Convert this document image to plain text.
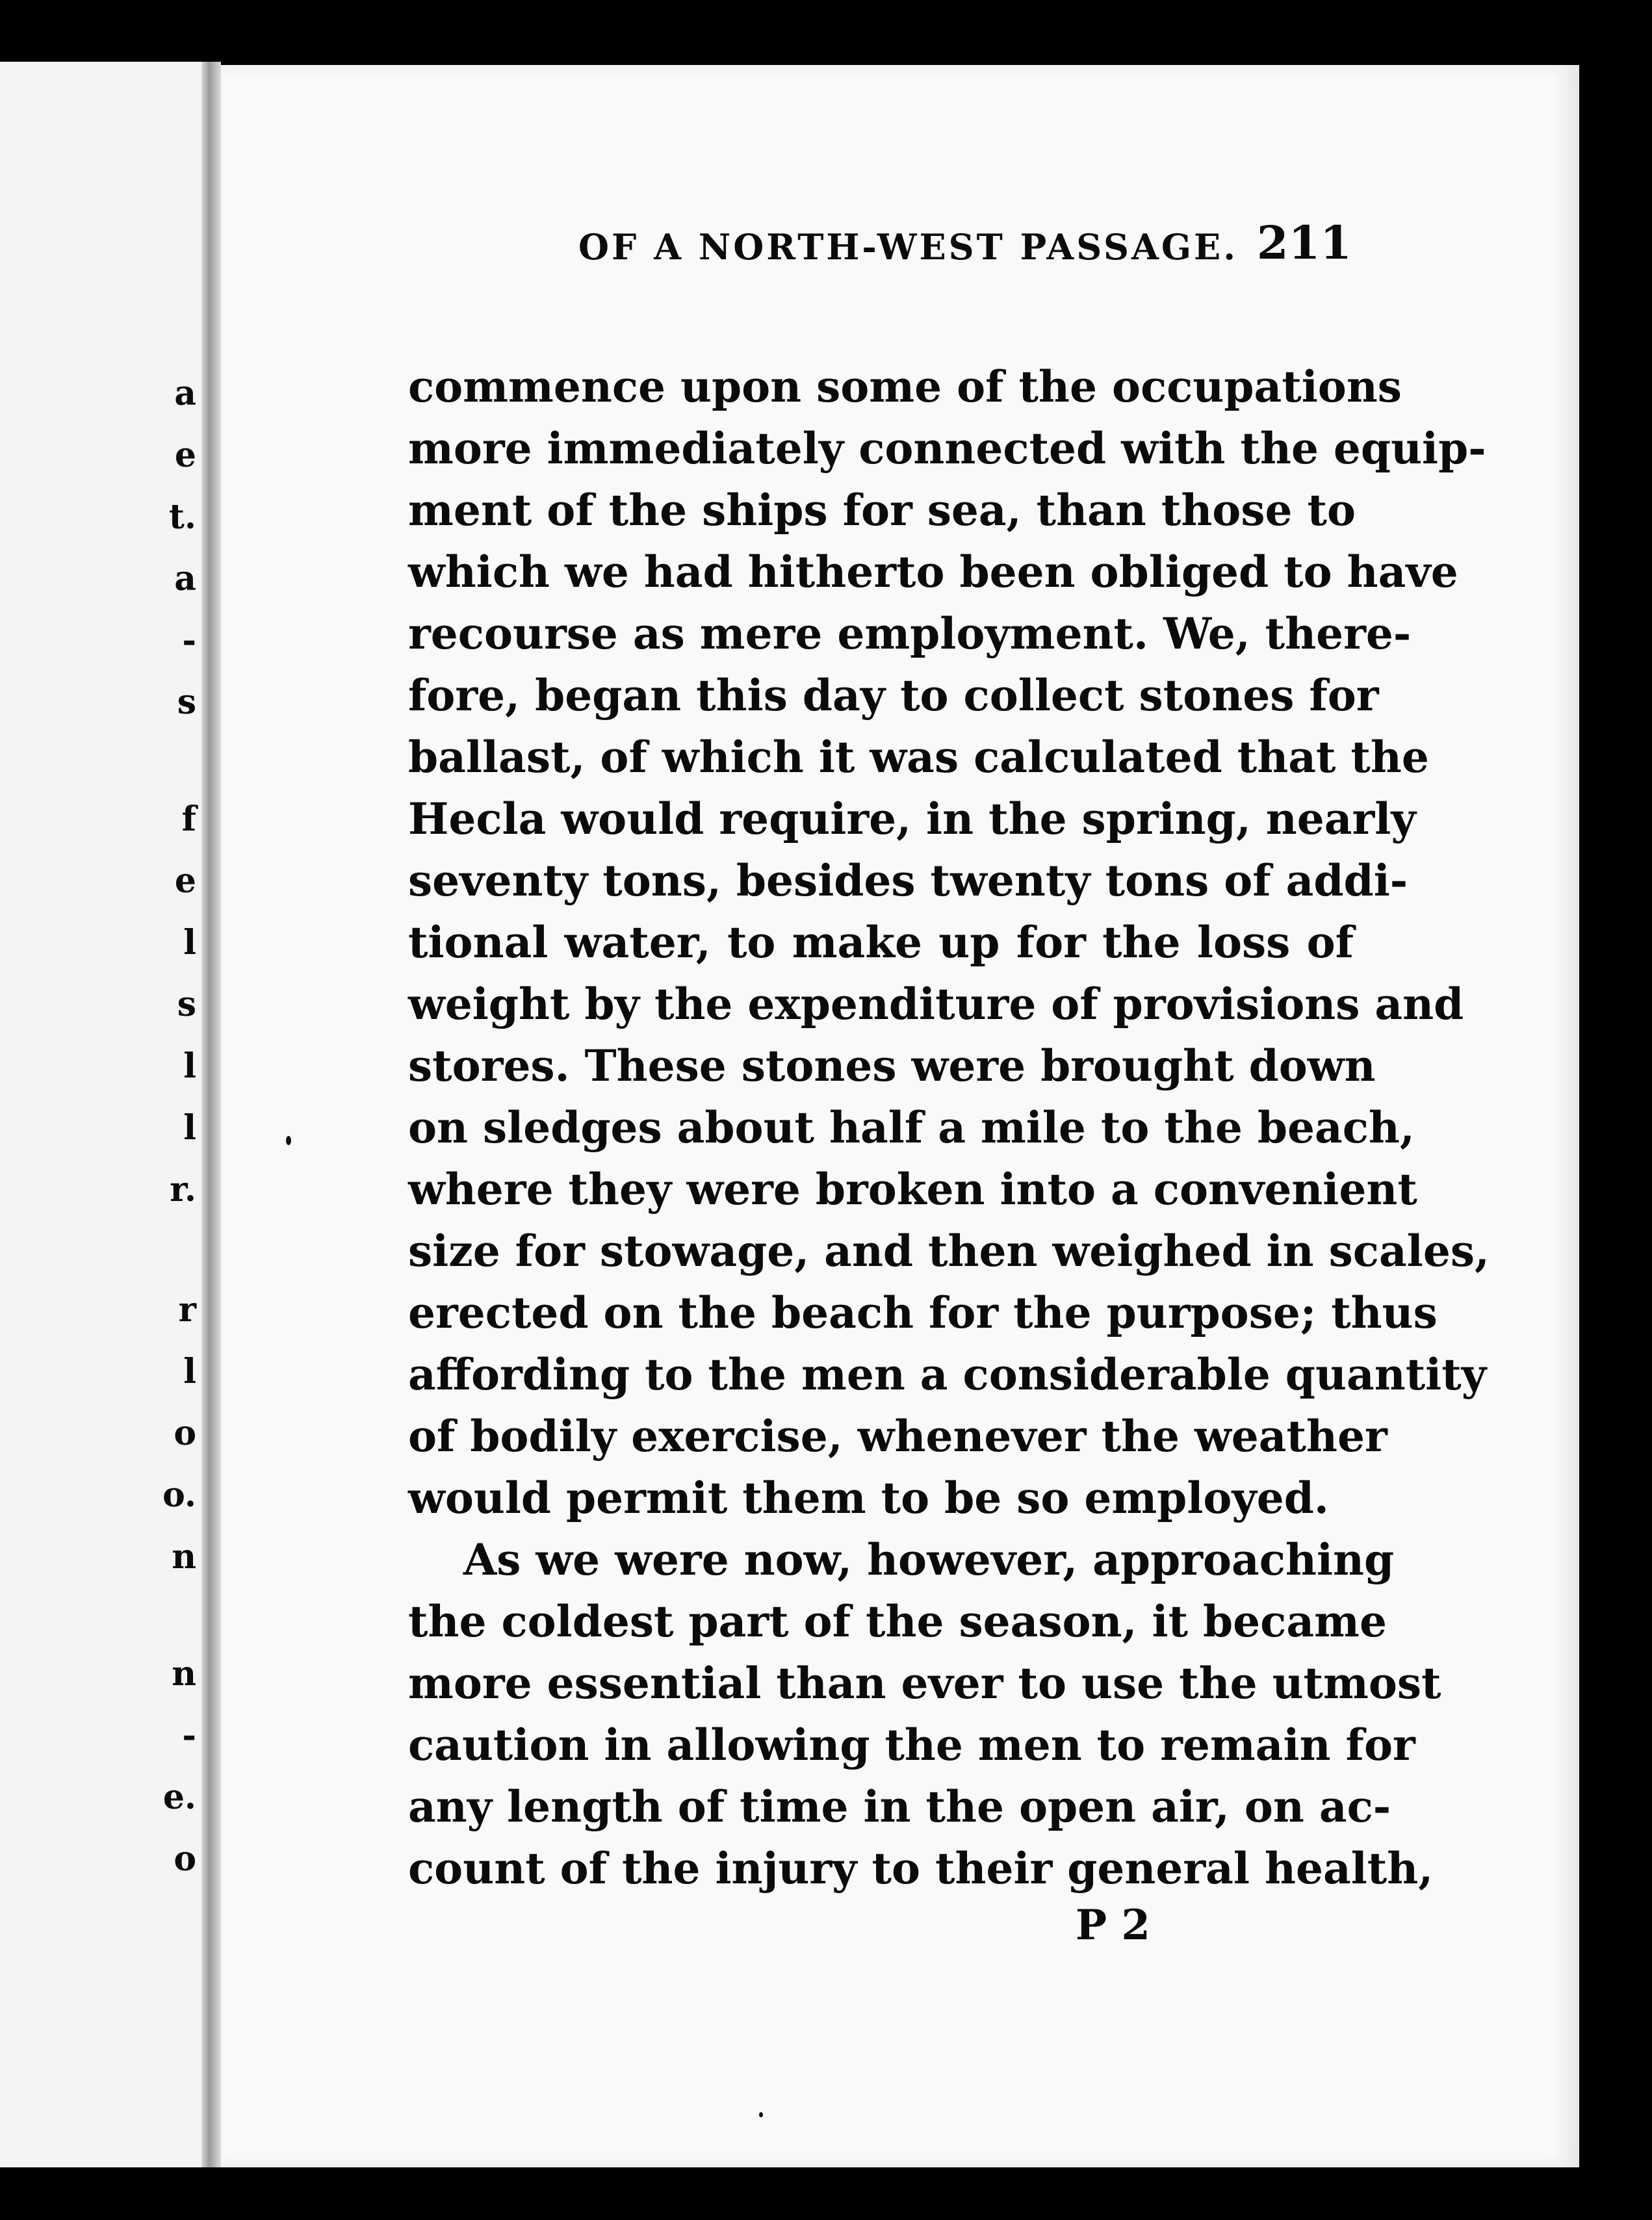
a
e
t.
a
-
s
f
e
l
s
l
l
r.
r
l
o
o.
n
n
-
e.
o
OF A NORTH-WEST PASSAGE. 211
commence upon some of the occupations
more immediately connected with the equip-
ment of the ships for sea, than those to
which we had hitherto been obliged to have
recourse as mere employment. We, there-
fore, began this day to collect stones for
ballast, of which it was calculated that the
Hecla would require, in the spring, nearly
seventy tons, besides twenty tons of addi-
tional water, to make up for the loss of
weight by the expenditure of provisions and
stores. These stones were brought down
on sledges about half a mile to the beach,
where they were broken into a convenient
size for stowage, and then weighed in scales,
erected on the beach for the purpose; thus
affording to the men a considerable quantity
of bodily exercise, whenever the weather
would permit them to be so employed.
As we were now, however, approaching
the coldest part of the season, it became
more essential than ever to use the utmost
caution in allowing the men to remain for
any length of time in the open air, on ac-
count of the injury to their general health,
P 2
